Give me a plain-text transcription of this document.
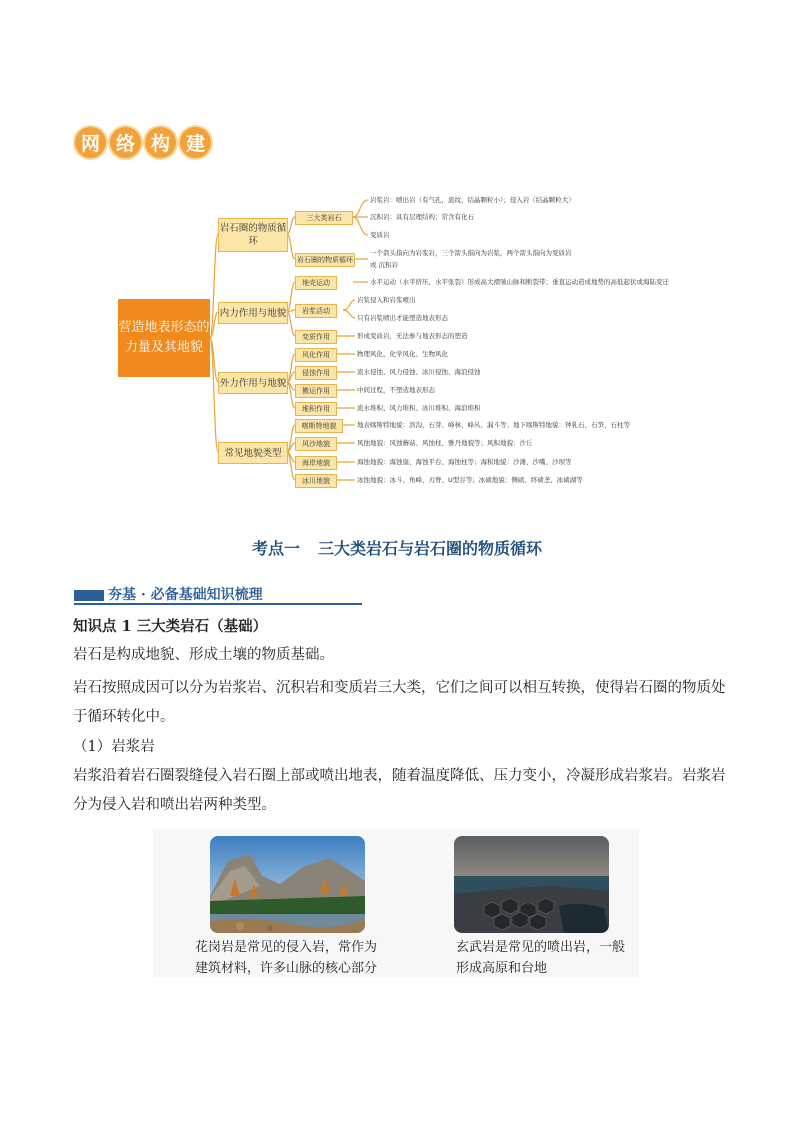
网 络 构 建
营造地表形态的力量及其地貌
岩石圈的物质循环
内力作用与地貌
外力作用与地貌
常见地貌类型
三大类岩石
岩石圈的物质循环
地壳运动
岩浆活动
变质作用
风化作用
侵蚀作用
搬运作用
堆积作用
喀斯特地貌
风沙地貌
海岸地貌
冰川地貌
岩浆岩：喷出岩（有气孔，流纹，结晶颗粒小）；侵入岩（结晶颗粒大）
沉积岩：具有层理结构；常含有化石
变质岩
一个箭头指向为岩浆岩，三个箭头指向为岩浆，两个箭头指向为变质岩
或 沉积岩
水平运动（水平挤压、水平张裂）形成高大褶皱山脉和断裂带；垂直运动造成地势的高低起伏或海陆变迁
岩浆侵入和岩浆喷出
只有岩浆喷出才能塑造地表形态
形成变质岩，无法参与地表形态的塑造
物理风化、化学风化、生物风化
流水侵蚀、风力侵蚀、冰川侵蚀、海浪侵蚀
中间过程，不塑造地表形态
流水堆积、风力堆积、冰川堆积、海浪堆积
地表喀斯特地貌：溶沟、石芽、峰林、峰丛、漏斗等；地下喀斯特地貌：钟乳石、石笋、石柱等
风蚀地貌：风蚀蘑菇、风蚀柱、雅丹地貌等；风积地貌：沙丘
海蚀地貌：海蚀崖、海蚀平台、海蚀柱等；海积地貌：沙滩、沙嘴、沙坝等
冰蚀地貌：冰斗、角峰、刃脊、U型谷等；冰碛地貌：侧碛、终碛垄、冰碛湖等
考点一 三大类岩石与岩石圈的物质循环
夯基 · 必备基础知识梳理
知识点 1 三大类岩石（基础）
岩石是构成地貌、形成土壤的物质基础。
岩石按照成因可以分为岩浆岩、沉积岩和变质岩三大类，它们之间可以相互转换，使得岩石圈的物质处于循环转化中。
（1）岩浆岩
岩浆沿着岩石圈裂缝侵入岩石圈上部或喷出地表，随着温度降低、压力变小，冷凝形成岩浆岩。岩浆岩分为侵入岩和喷出岩两种类型。
花岗岩是常见的侵入岩，常作为建筑材料，许多山脉的核心部分
玄武岩是常见的喷出岩，一般形成高原和台地
